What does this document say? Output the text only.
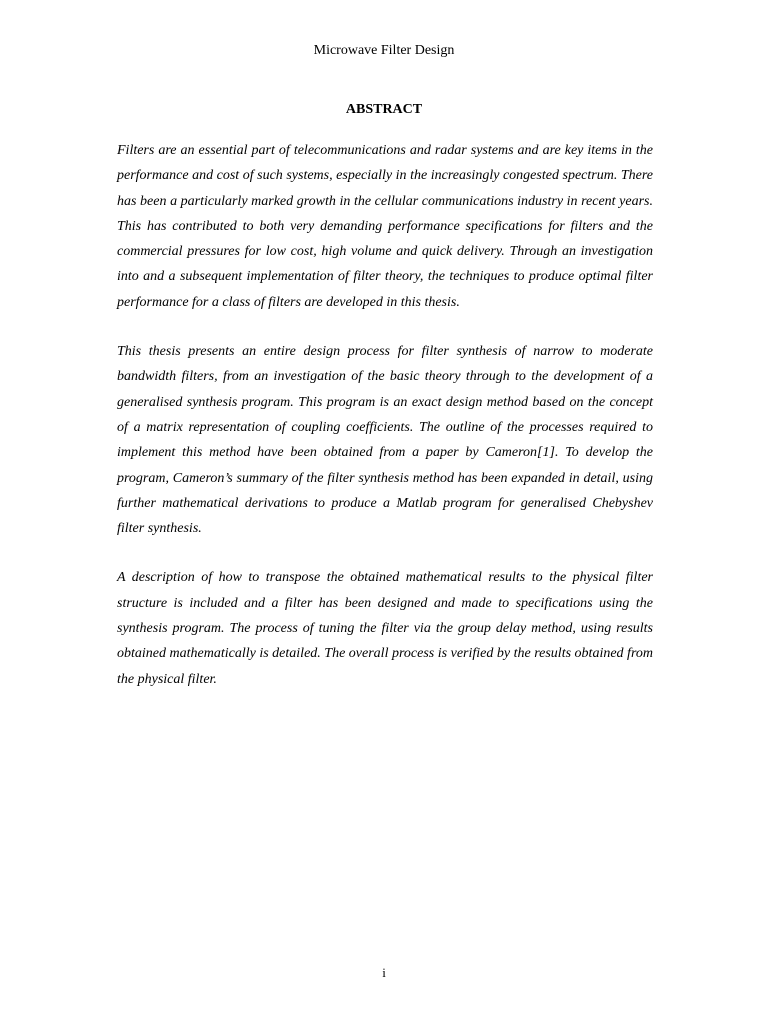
Microwave Filter Design
ABSTRACT

Filters are an essential part of telecommunications and radar systems and are key items in the performance and cost of such systems, especially in the increasingly congested spectrum. There has been a particularly marked growth in the cellular communications industry in recent years. This has contributed to both very demanding performance specifications for filters and the commercial pressures for low cost, high volume and quick delivery. Through an investigation into and a subsequent implementation of filter theory, the techniques to produce optimal filter performance for a class of filters are developed in this thesis.

This thesis presents an entire design process for filter synthesis of narrow to moderate bandwidth filters, from an investigation of the basic theory through to the development of a generalised synthesis program. This program is an exact design method based on the concept of a matrix representation of coupling coefficients. The outline of the processes required to implement this method have been obtained from a paper by Cameron[1]. To develop the program, Cameron’s summary of the filter synthesis method has been expanded in detail, using further mathematical derivations to produce a Matlab program for generalised Chebyshev filter synthesis.

A description of how to transpose the obtained mathematical results to the physical filter structure is included and a filter has been designed and made to specifications using the synthesis program. The process of tuning the filter via the group delay method, using results obtained mathematically is detailed. The overall process is verified by the results obtained from the physical filter.

i
